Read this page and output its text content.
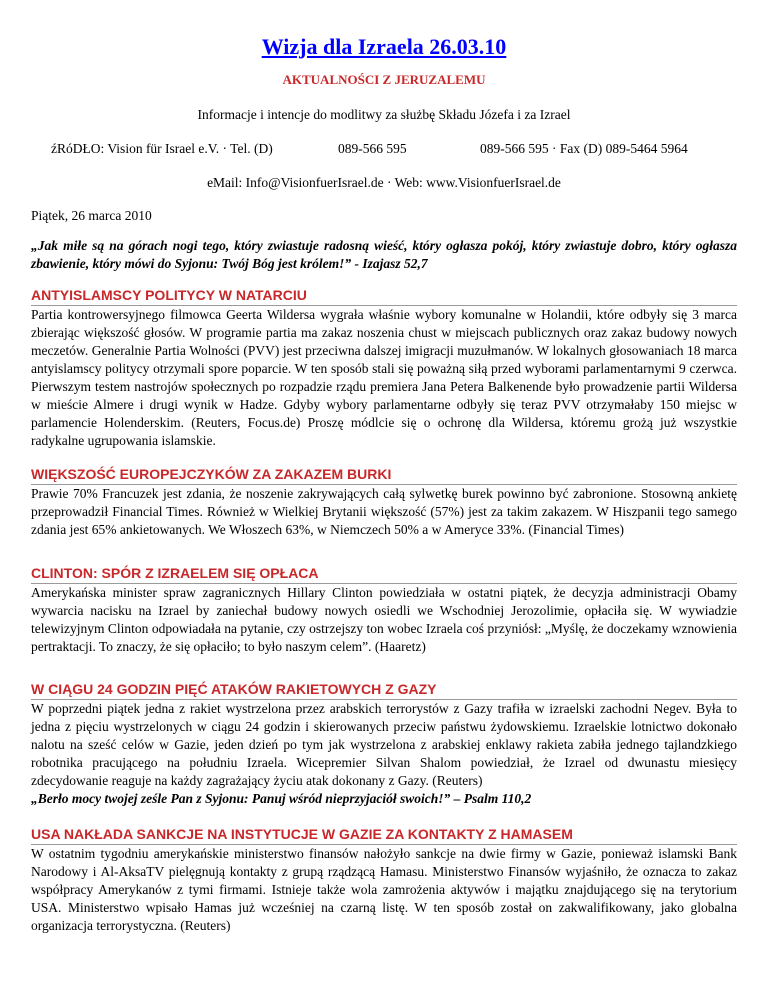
Wizja dla Izraela 26.03.10

AKTUALNOŚCI Z JERUZALEMU

Informacje i intencje do modlitwy za służbę Składu Józefa i za Izrael

źRóDŁO: Vision für Israel e.V. · Tel. (D)	089-566 595	089-566 595 · Fax (D) 089-5464 5964

eMail: Info@VisionfuerIsrael.de · Web: www.VisionfuerIsrael.de

Piątek, 26 marca 2010

„Jak miłe są na górach nogi tego, który zwiastuje radosną wieść, który ogłasza pokój, który zwiastuje dobro, który ogłasza zbawienie, który mówi do Syjonu: Twój Bóg jest królem!” - Izajasz 52,7

ANTYISLAMSCY POLITYCY W NATARCIU

Partia kontrowersyjnego filmowca Geerta Wildersa wygrała właśnie wybory komunalne w Holandii, które odbyły się 3 marca zbierając większość głosów. W programie partia ma zakaz noszenia chust w miejscach publicznych oraz zakaz budowy nowych meczetów. Generalnie Partia Wolności (PVV) jest przeciwna dalszej imigracji muzułmanów. W lokalnych głosowaniach 18 marca antyislamscy politycy otrzymali spore poparcie. W ten sposób stali się poważną siłą przed wyborami parlamentarnymi 9 czerwca. Pierwszym testem nastrojów społecznych po rozpadzie rządu premiera Jana Petera Balkenende było prowadzenie partii Wildersa w mieście Almere i drugi wynik w Hadze. Gdyby wybory parlamentarne odbyły się teraz PVV otrzymałaby 150 miejsc w parlamencie Holenderskim. (Reuters, Focus.de) Proszę módlcie się o ochronę dla Wildersa, któremu grożą już wszystkie radykalne ugrupowania islamskie.

WIĘKSZOŚĆ EUROPEJCZYKÓW ZA ZAKAZEM BURKI

Prawie 70% Francuzek jest zdania, że noszenie zakrywających całą sylwetkę burek powinno być zabronione. Stosowną ankietę przeprowadził Financial Times. Również w Wielkiej Brytanii większość (57%) jest za takim zakazem. W Hiszpanii tego samego zdania jest 65% ankietowanych. We Włoszech 63%, w Niemczech 50% a w Ameryce 33%. (Financial Times)

CLINTON: SPÓR Z IZRAELEM SIĘ OPŁACA

Amerykańska minister spraw zagranicznych Hillary Clinton powiedziała w ostatni piątek, że decyzja administracji Obamy wywarcia nacisku na Izrael by zaniechał budowy nowych osiedli we Wschodniej Jerozolimie, opłaciła się. W wywiadzie telewizyjnym Clinton odpowiadała na pytanie, czy ostrzejszy ton wobec Izraela coś przyniósł: „Myślę, że doczekamy wznowienia pertraktacji. To znaczy, że się opłaciło; to było naszym celem”. (Haaretz)

W CIĄGU 24 GODZIN PIĘĆ ATAKÓW RAKIETOWYCH Z GAZY

W poprzedni piątek jedna z rakiet wystrzelona przez arabskich terrorystów z Gazy trafiła w izraelski zachodni Negev. Była to jedna z pięciu wystrzelonych w ciągu 24 godzin i skierowanych przeciw państwu żydowskiemu. Izraelskie lotnictwo dokonało nalotu na sześć celów w Gazie, jeden dzień po tym jak wystrzelona z arabskiej enklawy rakieta zabiła jednego tajlandzkiego robotnika pracującego na południu Izraela. Wicepremier Silvan Shalom powiedział, że Izrael od dwunastu miesięcy zdecydowanie reaguje na każdy zagrażający życiu atak dokonany z Gazy. (Reuters)

„Berło mocy twojej ześle Pan z Syjonu: Panuj wśród nieprzyjaciół swoich!” – Psalm 110,2

USA NAKŁADA SANKCJE NA INSTYTUCJE W GAZIE ZA KONTAKTY Z HAMASEM

W ostatnim tygodniu amerykańskie ministerstwo finansów nałożyło sankcje na dwie firmy w Gazie, ponieważ islamski Bank Narodowy i Al-AksaTV pielęgnują kontakty z grupą rządzącą Hamasu. Ministerstwo Finansów wyjaśniło, że oznacza to zakaz współpracy Amerykanów z tymi firmami. Istnieje także wola zamrożenia aktywów i majątku znajdującego się na terytorium USA. Ministerstwo wpisało Hamas już wcześniej na czarną listę. W ten sposób został on zakwalifikowany, jako globalna organizacja terrorystyczna. (Reuters)
